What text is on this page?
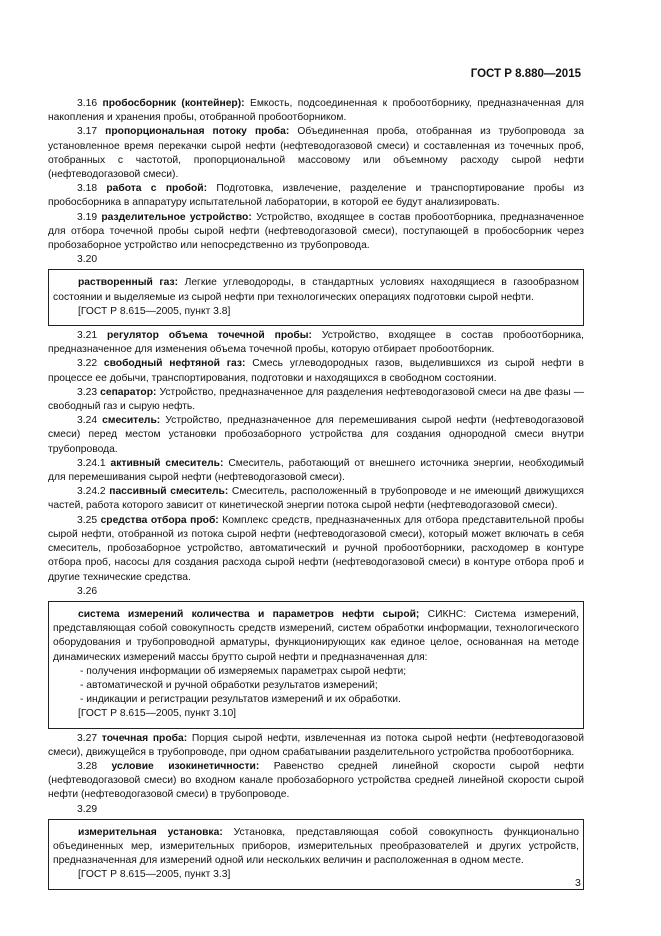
ГОСТ Р 8.880—2015

3.16 пробосборник (контейнер): Емкость, подсоединенная к пробоотборнику, предназначенная для накопления и хранения пробы, отобранной пробоотборником.

3.17 пропорциональная потоку проба: Объединенная проба, отобранная из трубопровода за установленное время перекачки сырой нефти (нефтеводогазовой смеси) и составленная из точечных проб, отобранных с частотой, пропорциональной массовому или объемному расходу сырой нефти (нефтеводогазовой смеси).

3.18 работа с пробой: Подготовка, извлечение, разделение и транспортирование пробы из пробосборника в аппаратуру испытательной лаборатории, в которой ее будут анализировать.

3.19 разделительное устройство: Устройство, входящее в состав пробоотборника, предназначенное для отбора точечной пробы сырой нефти (нефтеводогазовой смеси), поступающей в пробосборник через пробозаборное устройство или непосредственно из трубопровода.

3.20

растворенный газ: Легкие углеводороды, в стандартных условиях находящиеся в газообразном состоянии и выделяемые из сырой нефти при технологических операциях подготовки сырой нефти.

[ГОСТ Р 8.615—2005, пункт 3.8]

3.21 регулятор объема точечной пробы: Устройство, входящее в состав пробоотборника, предназначенное для изменения объема точечной пробы, которую отбирает пробоотборник.

3.22 свободный нефтяной газ: Смесь углеводородных газов, выделившихся из сырой нефти в процессе ее добычи, транспортирования, подготовки и находящихся в свободном состоянии.

3.23 сепаратор: Устройство, предназначенное для разделения нефтеводогазовой смеси на две фазы — свободный газ и сырую нефть.

3.24 смеситель: Устройство, предназначенное для перемешивания сырой нефти (нефтеводогазовой смеси) перед местом установки пробозаборного устройства для создания однородной смеси внутри трубопровода.

3.24.1 активный смеситель: Смеситель, работающий от внешнего источника энергии, необходимый для перемешивания сырой нефти (нефтеводогазовой смеси).

3.24.2 пассивный смеситель: Смеситель, расположенный в трубопроводе и не имеющий движущихся частей, работа которого зависит от кинетической энергии потока сырой нефти (нефтеводогазовой смеси).

3.25 средства отбора проб: Комплекс средств, предназначенных для отбора представительной пробы сырой нефти, отобранной из потока сырой нефти (нефтеводогазовой смеси), который может включать в себя смеситель, пробозаборное устройство, автоматический и ручной пробоотборники, расходомер в контуре отбора проб, насосы для создания расхода сырой нефти (нефтеводогазовой смеси) в контуре отбора проб и другие технические средства.

3.26

система измерений количества и параметров нефти сырой; СИКНС: Система измерений, представляющая собой совокупность средств измерений, систем обработки информации, технологического оборудования и трубопроводной арматуры, функционирующих как единое целое, основанная на методе динамических измерений массы брутто сырой нефти и предназначенная для:

- получения информации об измеряемых параметрах сырой нефти;

- автоматической и ручной обработки результатов измерений;

- индикации и регистрации результатов измерений и их обработки.

[ГОСТ Р 8.615—2005, пункт 3.10]

3.27 точечная проба: Порция сырой нефти, извлеченная из потока сырой нефти (нефтеводогазовой смеси), движущейся в трубопроводе, при одном срабатывании разделительного устройства пробоотборника.

3.28 условие изокинетичности: Равенство средней линейной скорости сырой нефти (нефтеводогазовой смеси) во входном канале пробозаборного устройства средней линейной скорости сырой нефти (нефтеводогазовой смеси) в трубопроводе.

3.29

измерительная установка: Установка, представляющая собой совокупность функционально объединенных мер, измерительных приборов, измерительных преобразователей и других устройств, предназначенная для измерений одной или нескольких величин и расположенная в одном месте.

[ГОСТ Р 8.615—2005, пункт 3.3]

3
